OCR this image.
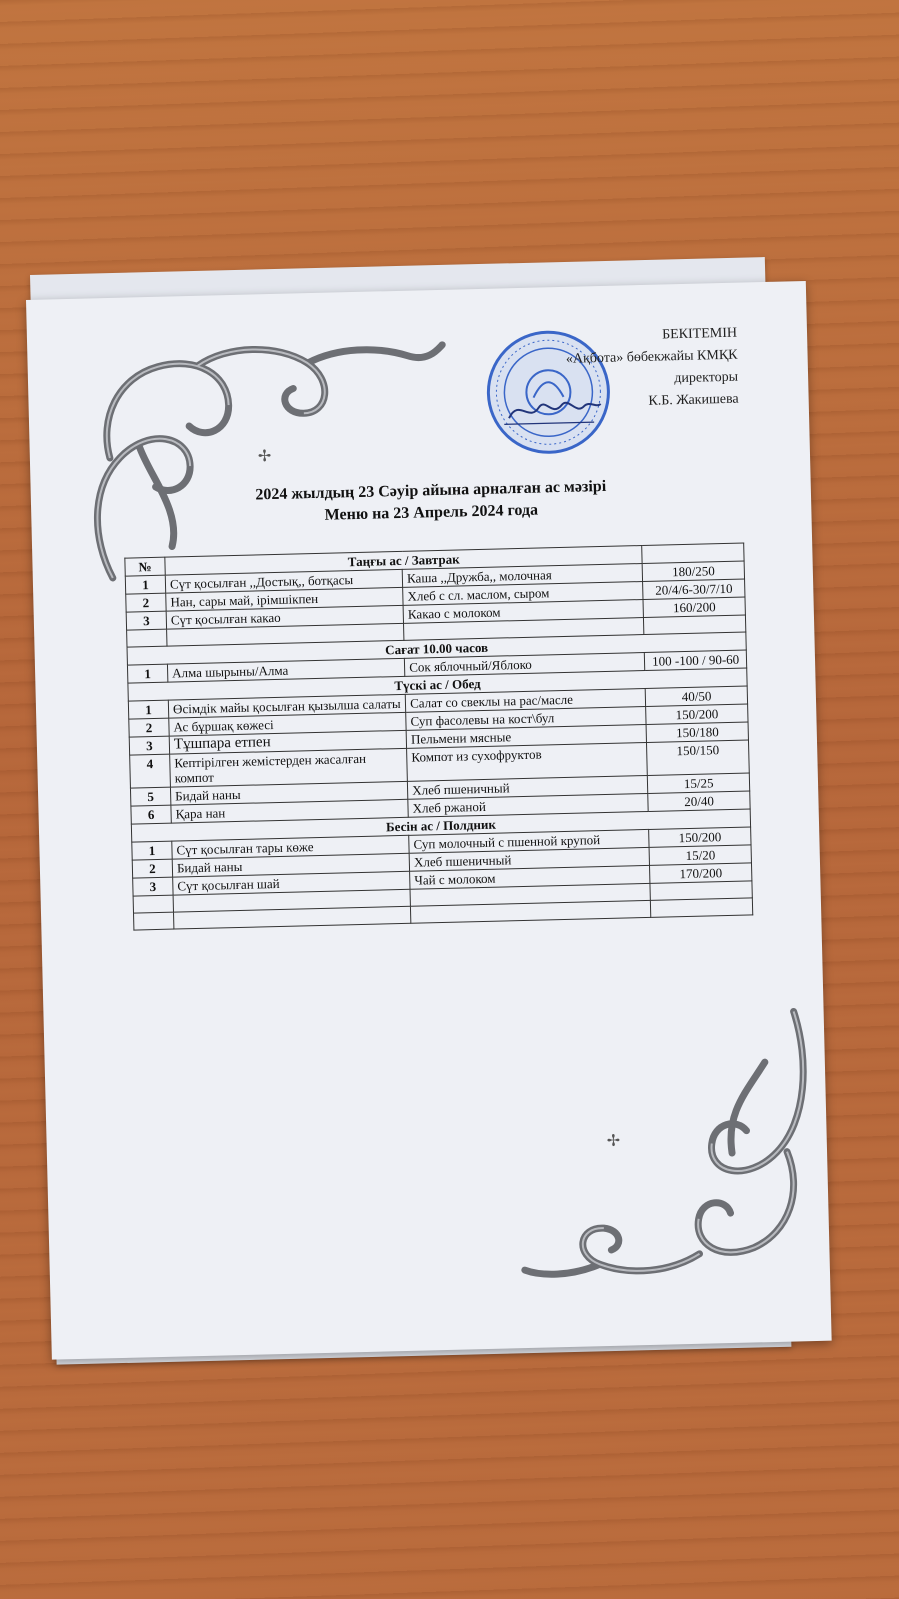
✢
✢
БЕКІТЕМІН
«Ақбота» бөбекжайы КМҚК
директоры
К.Б. Жакишева
2024 жылдың 23 Сәуір айына арналған ас мәзірі
Меню на 23 Апрель 2024 года
№	Таңғы ас / Завтрак		
1	Сүт қосылған ,,Достық,, ботқасы	Каша ,,Дружба,, молочная	180/250
2	Нан, сары май, ірімшікпен	Хлеб с сл. маслом, сыром	20/4/6-30/7/10
3	Сүт қосылған какао	Какао с молоком	160/200

Сағат 10.00 часов			
1	Алма шырыны/Алма	Сок яблочный/Яблоко	100 -100 / 90-60
Түскі ас / Обед			
1	Өсімдік майы қосылған қызылша салаты	Салат со свеклы на рас/масле	40/50
2	Ас бұршақ көжесі	Суп фасолевы на кост\бул	150/200
3	Тұшпара етпен	Пельмени мясные	150/180
4	Кептірілген жемістерден жасалған компот	Компот из сухофруктов	150/150
5	Бидай наны	Хлеб пшеничный	15/25
6	Қара нан	Хлеб ржаной	20/40
Бесін ас / Полдник			
1	Сүт қосылған тары көже	Суп молочный с пшенной крупой	150/200
2	Бидай наны	Хлеб пшеничный	15/20
3	Сүт қосылған шай	Чай с молоком	170/200
